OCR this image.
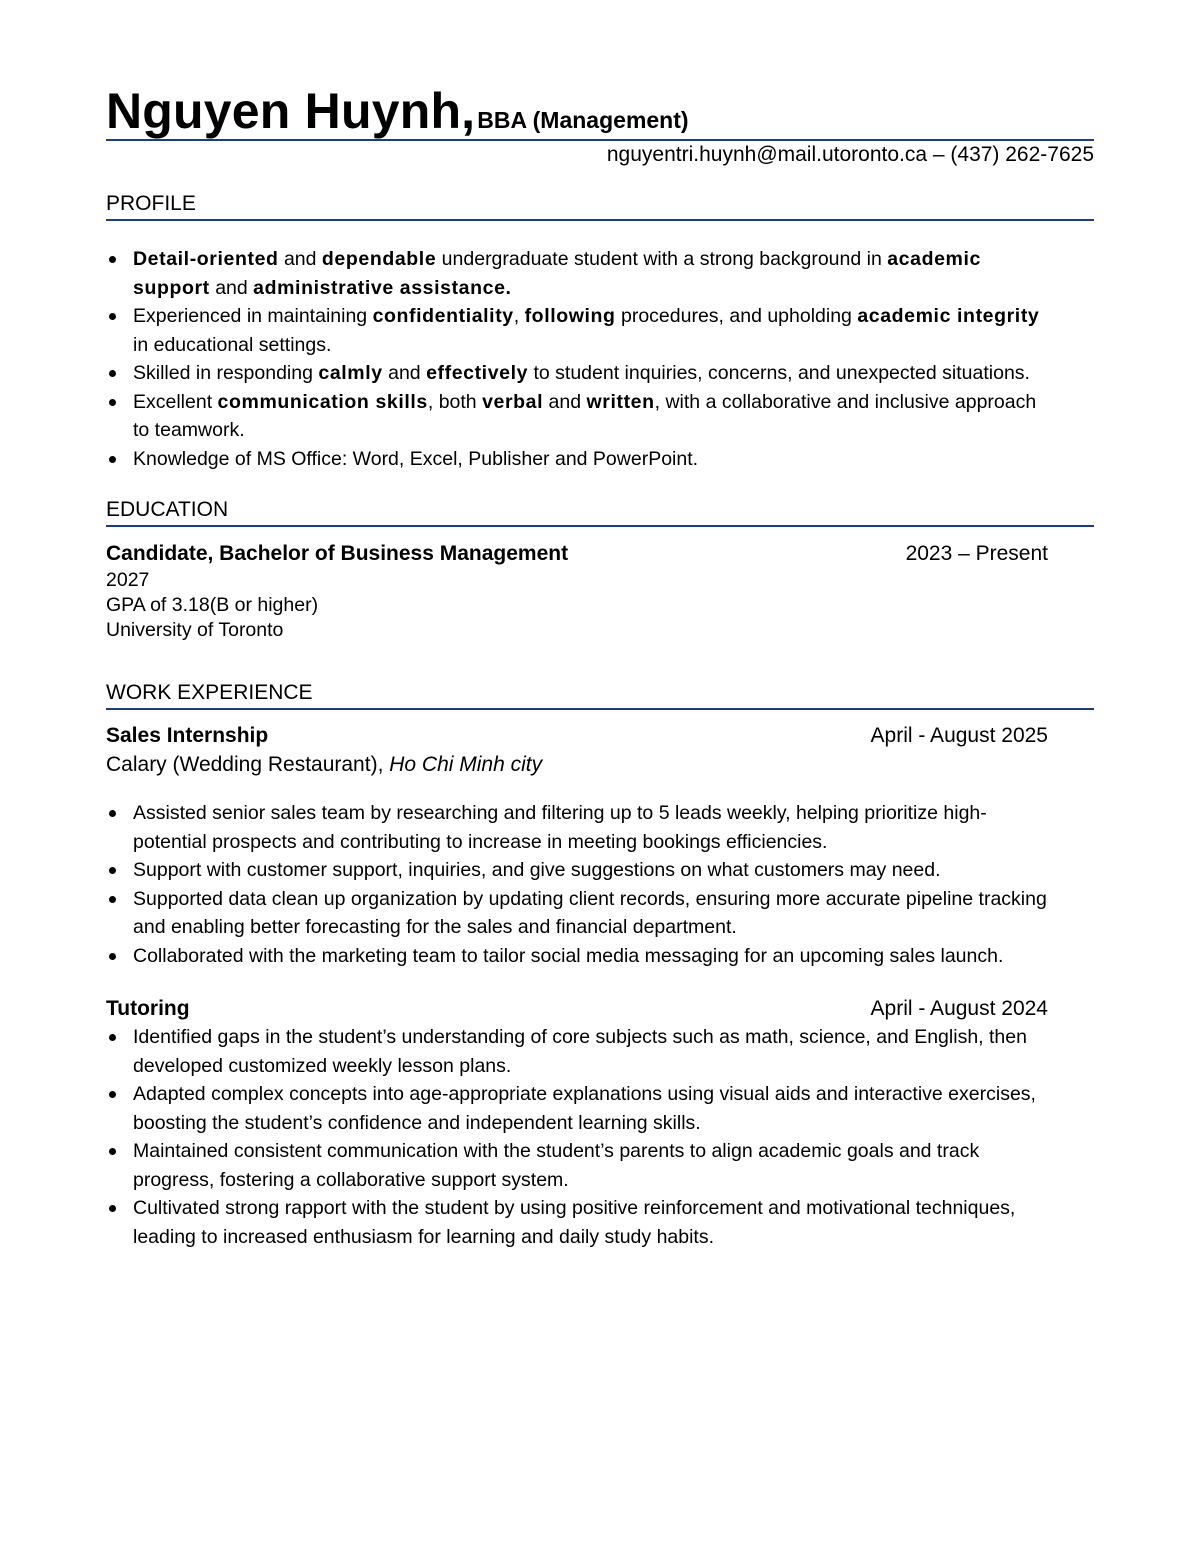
Nguyen Huynh, BBA (Management)
nguyentri.huynh@mail.utoronto.ca – (437) 262-7625
PROFILE
Detail-oriented and dependable undergraduate student with a strong background in academic support and administrative assistance.
Experienced in maintaining confidentiality, following procedures, and upholding academic integrity in educational settings.
Skilled in responding calmly and effectively to student inquiries, concerns, and unexpected situations.
Excellent communication skills, both verbal and written, with a collaborative and inclusive approach to teamwork.
Knowledge of MS Office: Word, Excel, Publisher and PowerPoint.
EDUCATION
Candidate, Bachelor of Business Management	2023 – Present
2027
GPA of 3.18(B or higher)
University of Toronto
WORK EXPERIENCE
Sales Internship	April - August 2025
Calary (Wedding Restaurant), Ho Chi Minh city
Assisted senior sales team by researching and filtering up to 5 leads weekly, helping prioritize high-potential prospects and contributing to increase in meeting bookings efficiencies.
Support with customer support, inquiries, and give suggestions on what customers may need.
Supported data clean up organization by updating client records, ensuring more accurate pipeline tracking and enabling better forecasting for the sales and financial department.
Collaborated with the marketing team to tailor social media messaging for an upcoming sales launch.
Tutoring	April - August 2024
Identified gaps in the student’s understanding of core subjects such as math, science, and English, then developed customized weekly lesson plans.
Adapted complex concepts into age-appropriate explanations using visual aids and interactive exercises, boosting the student’s confidence and independent learning skills.
Maintained consistent communication with the student’s parents to align academic goals and track progress, fostering a collaborative support system.
Cultivated strong rapport with the student by using positive reinforcement and motivational techniques, leading to increased enthusiasm for learning and daily study habits.
